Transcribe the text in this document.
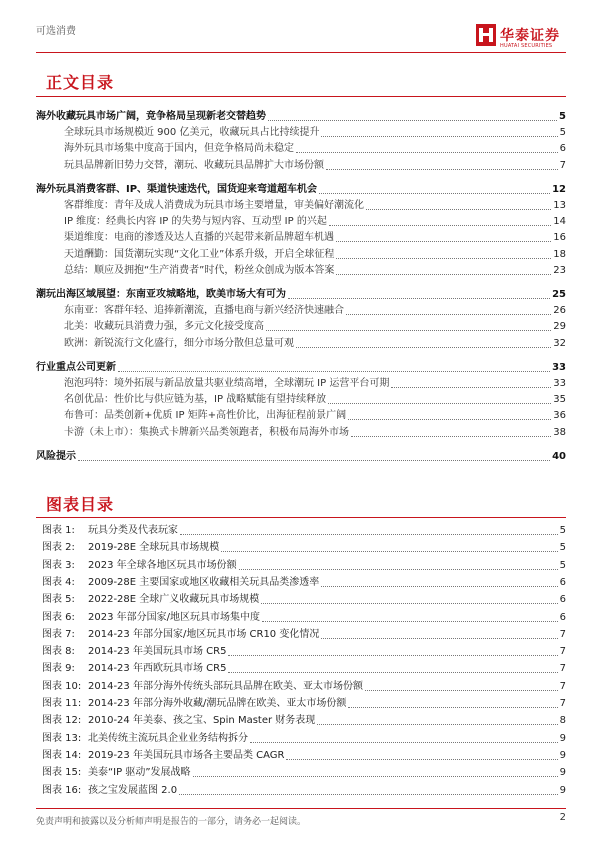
可选消费	华泰证券
HUATAI SECURITIES
正文目录
海外收藏玩具市场广阔，竞争格局呈现新老交替趋势	5
全球玩具市场规模近 900 亿美元，收藏玩具占比持续提升	5
海外玩具市场集中度高于国内，但竞争格局尚未稳定	6
玩具品牌新旧势力交替，潮玩、收藏玩具品牌扩大市场份额	7
海外玩具消费客群、IP、渠道快速迭代，国货迎来弯道超车机会	12
客群维度：青年及成人消费成为玩具市场主要增量，审美偏好潮流化	13
IP 维度：经典长内容 IP 的失势与短内容、互动型 IP 的兴起	14
渠道维度：电商的渗透及达人直播的兴起带来新品牌超车机遇	16
天道酬勤：国货潮玩实现“文化工业”体系升级，开启全球征程	18
总结：顺应及拥抱“生产消费者”时代，粉丝众创成为版本答案	23
潮玩出海区域展望：东南亚攻城略地，欧美市场大有可为	25
东南亚：客群年轻、追捧新潮流，直播电商与新兴经济快速融合	26
北美：收藏玩具消费力强，多元文化接受度高	29
欧洲：新锐流行文化盛行，细分市场分散但总量可观	32
行业重点公司更新	33
泡泡玛特：境外拓展与新品放量共驱业绩高增，全球潮玩 IP 运营平台可期	33
名创优品：性价比与供应链为基，IP 战略赋能有望持续释放	35
布鲁可：品类创新+优质 IP 矩阵+高性价比，出海征程前景广阔	36
卡游（未上市）：集换式卡牌新兴品类领跑者，积极布局海外市场	38
风险提示	40
图表目录
图表 1:	玩具分类及代表玩家	5
图表 2:	2019-28E 全球玩具市场规模	5
图表 3:	2023 年全球各地区玩具市场份额	5
图表 4:	2009-28E 主要国家或地区收藏相关玩具品类渗透率	6
图表 5:	2022-28E 全球广义收藏玩具市场规模	6
图表 6:	2023 年部分国家/地区玩具市场集中度	6
图表 7:	2014-23 年部分国家/地区玩具市场 CR10 变化情况	7
图表 8:	2014-23 年美国玩具市场 CR5	7
图表 9:	2014-23 年西欧玩具市场 CR5	7
图表 10: 2014-23 年部分海外传统头部玩具品牌在欧美、亚太市场份额	7
图表 11: 2014-23 年部分海外收藏/潮玩品牌在欧美、亚太市场份额	7
图表 12: 2010-24 年美泰、孩之宝、Spin Master 财务表现	8
图表 13: 北美传统主流玩具企业业务结构拆分	9
图表 14: 2019-23 年美国玩具市场各主要品类 CAGR	9
图表 15: 美泰“IP 驱动”发展战略	9
图表 16: 孩之宝发展蓝图 2.0	9
免责声明和披露以及分析师声明是报告的一部分，请务必一起阅读。	2
